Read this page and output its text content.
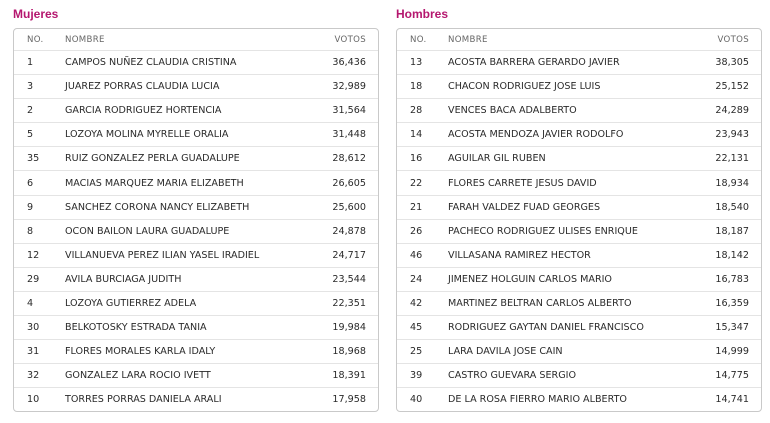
Mujeres
NO.	NOMBRE	VOTOS
1	CAMPOS NUÑEZ CLAUDIA CRISTINA	36,436
3	JUAREZ PORRAS CLAUDIA LUCIA	32,989
2	GARCIA RODRIGUEZ HORTENCIA	31,564
5	LOZOYA MOLINA MYRELLE ORALIA	31,448
35	RUIZ GONZALEZ PERLA GUADALUPE	28,612
6	MACIAS MARQUEZ MARIA ELIZABETH	26,605
9	SANCHEZ CORONA NANCY ELIZABETH	25,600
8	OCON BAILON LAURA GUADALUPE	24,878
12	VILLANUEVA PEREZ ILIAN YASEL IRADIEL	24,717
29	AVILA BURCIAGA JUDITH	23,544
4	LOZOYA GUTIERREZ ADELA	22,351
30	BELKOTOSKY ESTRADA TANIA	19,984
31	FLORES MORALES KARLA IDALY	18,968
32	GONZALEZ LARA ROCIO IVETT	18,391
10	TORRES PORRAS DANIELA ARALI	17,958
Hombres
NO.	NOMBRE	VOTOS
13	ACOSTA BARRERA GERARDO JAVIER	38,305
18	CHACON RODRIGUEZ JOSE LUIS	25,152
28	VENCES BACA ADALBERTO	24,289
14	ACOSTA MENDOZA JAVIER RODOLFO	23,943
16	AGUILAR GIL RUBEN	22,131
22	FLORES CARRETE JESUS DAVID	18,934
21	FARAH VALDEZ FUAD GEORGES	18,540
26	PACHECO RODRIGUEZ ULISES ENRIQUE	18,187
46	VILLASANA RAMIREZ HECTOR	18,142
24	JIMENEZ HOLGUIN CARLOS MARIO	16,783
42	MARTINEZ BELTRAN CARLOS ALBERTO	16,359
45	RODRIGUEZ GAYTAN DANIEL FRANCISCO	15,347
25	LARA DAVILA JOSE CAIN	14,999
39	CASTRO GUEVARA SERGIO	14,775
40	DE LA ROSA FIERRO MARIO ALBERTO	14,741
